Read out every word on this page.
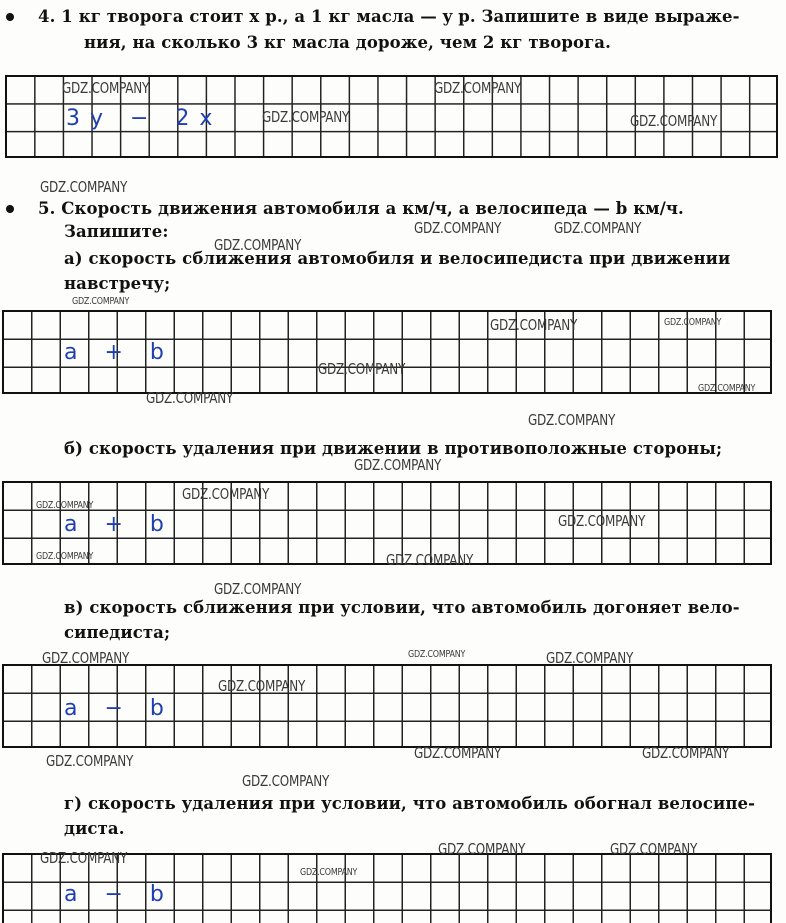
4. 1 кг творога стоит x р., а 1 кг масла — y р. Запишите в виде выраже-
ния, на сколько 3 кг масла дороже, чем 2 кг творога.
3y − 2x
5. Скорость движения автомобиля a км/ч, а велосипеда — b км/ч.
Запишите:
а) скорость сближения автомобиля и велосипедиста при движении
навстречу;
a + b
б) скорость удаления при движении в противоположные стороны;
a + b
в) скорость сближения при условии, что автомобиль догоняет вело-
сипедиста;
a − b
г) скорость удаления при условии, что автомобиль обогнал велосипе-
диста.
a − b
GDZ.COMPANY	GDZ.COMPANY
GDZ.COMPANY	GDZ.COMPANY
GDZ.COMPANY
GDZ.COMPANY	GDZ.COMPANY
GDZ.COMPANY
GDZ.COMPANY
GDZ.COMPANY	GDZ.COMPANY
GDZ.COMPANY
GDZ.COMPANY
GDZ.COMPANY
GDZ.COMPANY
GDZ.COMPANY
GDZ.COMPANY
GDZ.COMPANY
GDZ.COMPANY
GDZ.COMPANY	GDZ.COMPANY
GDZ.COMPANY
GDZ.COMPANY	GDZ.COMPANY	GDZ.COMPANY
GDZ.COMPANY
GDZ.COMPANY	GDZ.COMPANY
GDZ.COMPANY
GDZ.COMPANY
GDZ.COMPANY	GDZ.COMPANY
GDZ.COMPANY
GDZ.COMPANY
